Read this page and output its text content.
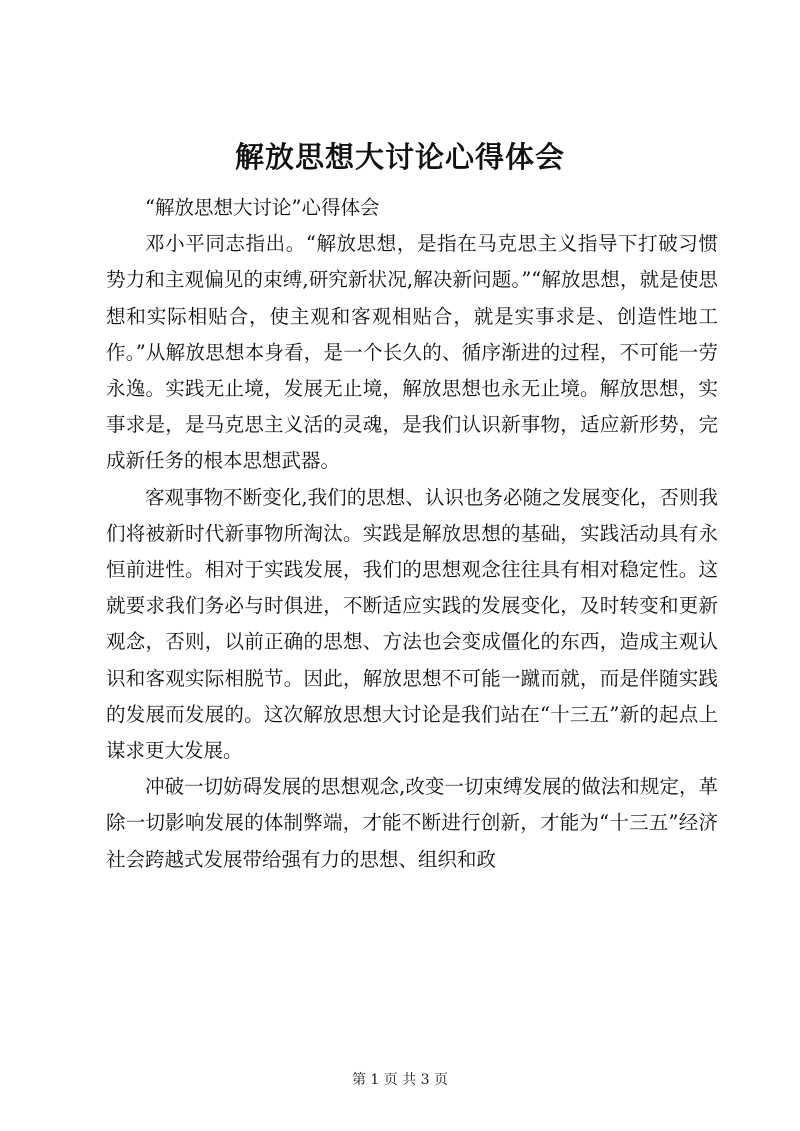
解放思想大讨论心得体会

“解放思想大讨论”心得体会

邓小平同志指出。“解放思想，是指在马克思主义指导下打破习惯势力和主观偏见的束缚,研究新状况,解决新问题。”“解放思想，就是使思想和实际相贴合，使主观和客观相贴合，就是实事求是、创造性地工作。”从解放思想本身看，是一个长久的、循序渐进的过程，不可能一劳永逸。实践无止境，发展无止境，解放思想也永无止境。解放思想，实事求是，是马克思主义活的灵魂，是我们认识新事物，适应新形势，完成新任务的根本思想武器。

客观事物不断变化,我们的思想、认识也务必随之发展变化，否则我们将被新时代新事物所淘汰。实践是解放思想的基础，实践活动具有永恒前进性。相对于实践发展，我们的思想观念往往具有相对稳定性。这就要求我们务必与时俱进，不断适应实践的发展变化，及时转变和更新观念，否则，以前正确的思想、方法也会变成僵化的东西，造成主观认识和客观实际相脱节。因此，解放思想不可能一蹴而就，而是伴随实践的发展而发展的。这次解放思想大讨论是我们站在“十三五”新的起点上谋求更大发展。

冲破一切妨碍发展的思想观念,改变一切束缚发展的做法和规定，革除一切影响发展的体制弊端，才能不断进行创新，才能为“十三五”经济社会跨越式发展带给强有力的思想、组织和政

第 1 页 共 3 页
